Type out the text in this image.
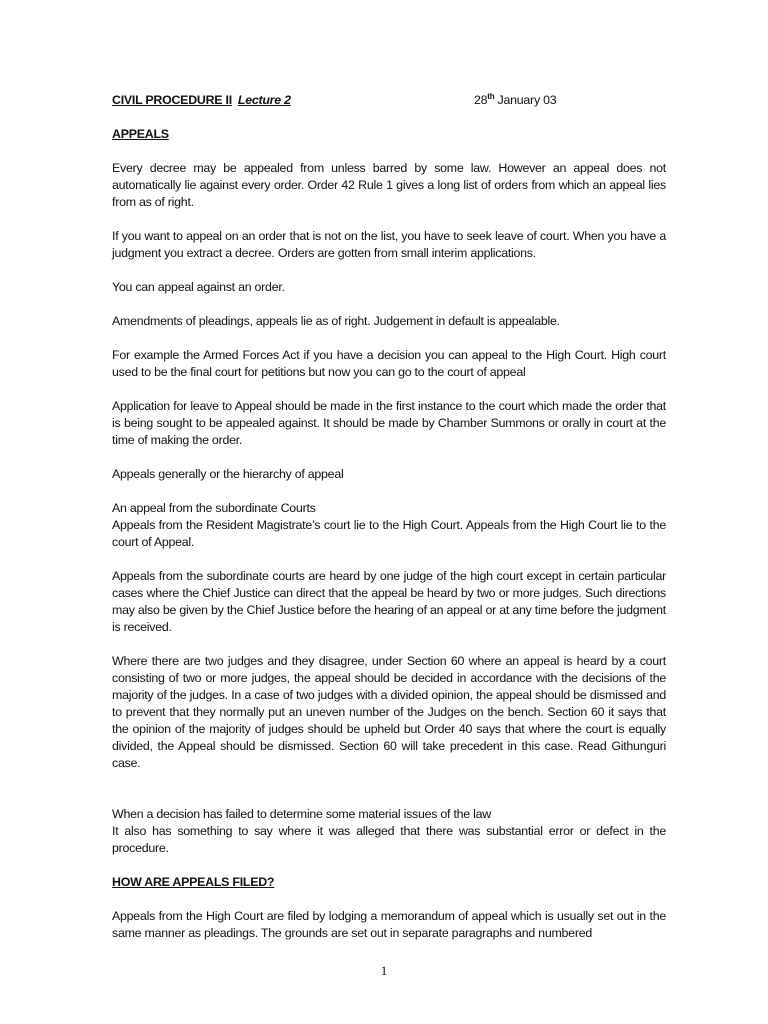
CIVIL PROCEDURE II Lecture 2	28th January 03
APPEALS

Every decree may be appealed from unless barred by some law. However an appeal does not automatically lie against every order. Order 42 Rule 1 gives a long list of orders from which an appeal lies from as of right.

If you want to appeal on an order that is not on the list, you have to seek leave of court. When you have a judgment you extract a decree. Orders are gotten from small interim applications.

You can appeal against an order.

Amendments of pleadings, appeals lie as of right. Judgement in default is appealable.

For example the Armed Forces Act if you have a decision you can appeal to the High Court. High court used to be the final court for petitions but now you can go to the court of appeal

Application for leave to Appeal should be made in the first instance to the court which made the order that is being sought to be appealed against. It should be made by Chamber Summons or orally in court at the time of making the order.

Appeals generally or the hierarchy of appeal

An appeal from the subordinate Courts

Appeals from the Resident Magistrate’s court lie to the High Court. Appeals from the High Court lie to the court of Appeal.

Appeals from the subordinate courts are heard by one judge of the high court except in certain particular cases where the Chief Justice can direct that the appeal be heard by two or more judges. Such directions may also be given by the Chief Justice before the hearing of an appeal or at any time before the judgment is received.

Where there are two judges and they disagree, under Section 60 where an appeal is heard by a court consisting of two or more judges, the appeal should be decided in accordance with the decisions of the majority of the judges. In a case of two judges with a divided opinion, the appeal should be dismissed and to prevent that they normally put an uneven number of the Judges on the bench. Section 60 it says that the opinion of the majority of judges should be upheld but Order 40 says that where the court is equally divided, the Appeal should be dismissed. Section 60 will take precedent in this case. Read Githunguri case.

When a decision has failed to determine some material issues of the law

It also has something to say where it was alleged that there was substantial error or defect in the procedure.

HOW ARE APPEALS FILED?

Appeals from the High Court are filed by lodging a memorandum of appeal which is usually set out in the same manner as pleadings. The grounds are set out in separate paragraphs and numbered

1
